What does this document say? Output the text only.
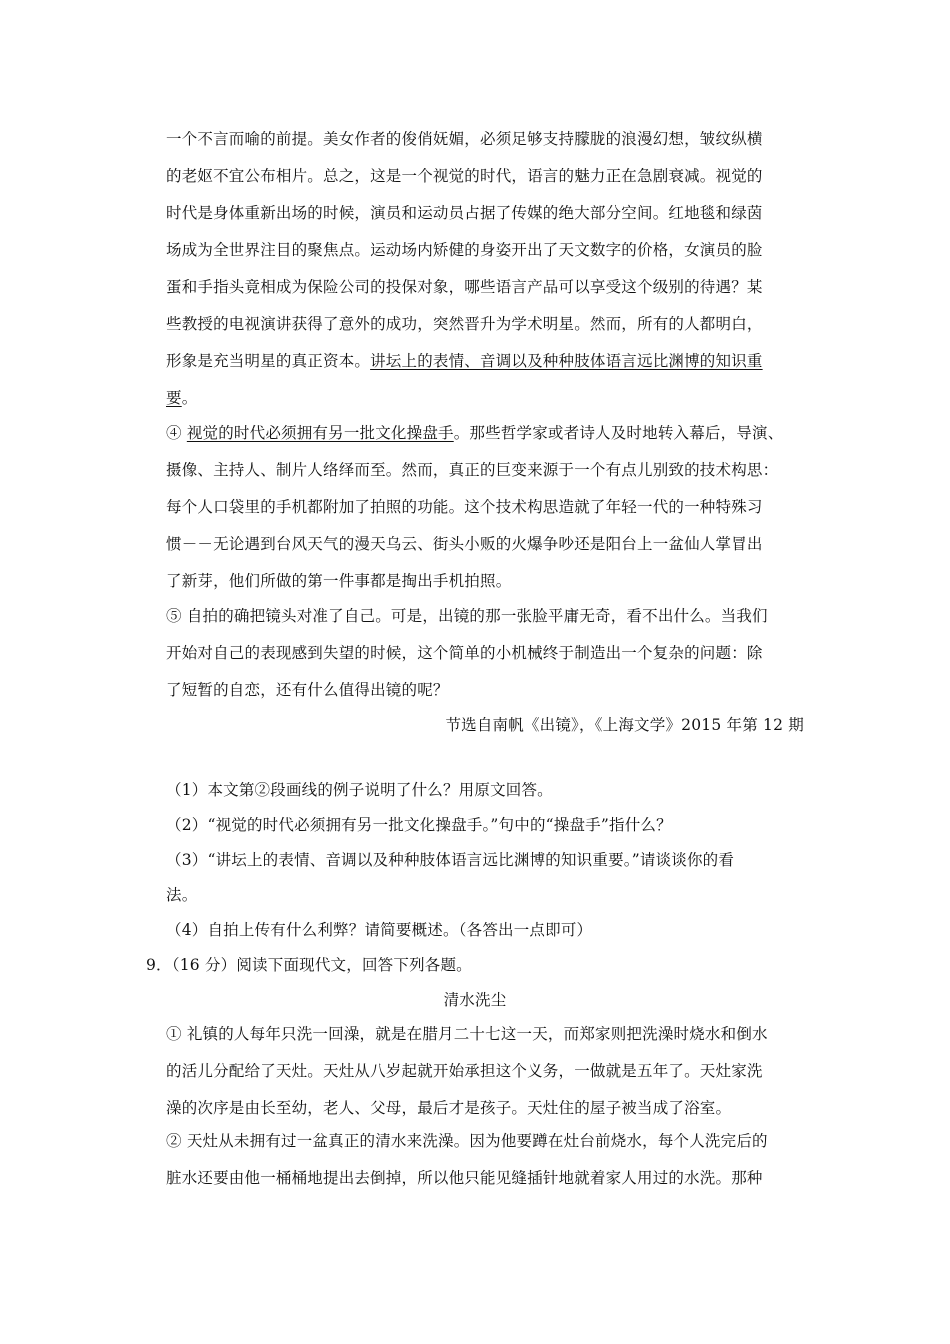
一个不言而喻的前提。美女作者的俊俏妩媚，必须足够支持朦胧的浪漫幻想，皱纹纵横
的老妪不宜公布相片。总之，这是一个视觉的时代，语言的魅力正在急剧衰减。视觉的
时代是身体重新出场的时候，演员和运动员占据了传媒的绝大部分空间。红地毯和绿茵
场成为全世界注目的聚焦点。运动场内矫健的身姿开出了天文数字的价格，女演员的脸
蛋和手指头竟相成为保险公司的投保对象，哪些语言产品可以享受这个级别的待遇？某
些教授的电视演讲获得了意外的成功，突然晋升为学术明星。然而，所有的人都明白，
形象是充当明星的真正资本。讲坛上的表情、音调以及种种肢体语言远比渊博的知识重
要。
④ 视觉的时代必须拥有另一批文化操盘手。那些哲学家或者诗人及时地转入幕后，导演、
摄像、主持人、制片人络绎而至。然而，真正的巨变来源于一个有点儿别致的技术构思：
每个人口袋里的手机都附加了拍照的功能。这个技术构思造就了年轻一代的一种特殊习
惯－－无论遇到台风天气的漫天乌云、街头小贩的火爆争吵还是阳台上一盆仙人掌冒出
了新芽，他们所做的第一件事都是掏出手机拍照。
⑤ 自拍的确把镜头对准了自己。可是，出镜的那一张脸平庸无奇，看不出什么。当我们
开始对自己的表现感到失望的时候，这个简单的小机械终于制造出一个复杂的问题：除
了短暂的自恋，还有什么值得出镜的呢？
节选自南帆《出镜》，《上海文学》2015 年第 12 期
（1）本文第②段画线的例子说明了什么？用原文回答。
（2）“视觉的时代必须拥有另一批文化操盘手。”句中的“操盘手”指什么？
（3）“讲坛上的表情、音调以及种种肢体语言远比渊博的知识重要。”请谈谈你的看
法。
（4）自拍上传有什么利弊？请简要概述。（各答出一点即可）
9．（16 分）阅读下面现代文，回答下列各题。
清水洗尘
① 礼镇的人每年只洗一回澡，就是在腊月二十七这一天，而郑家则把洗澡时烧水和倒水
的活儿分配给了天灶。天灶从八岁起就开始承担这个义务，一做就是五年了。天灶家洗
澡的次序是由长至幼，老人、父母，最后才是孩子。天灶住的屋子被当成了浴室。
② 天灶从未拥有过一盆真正的清水来洗澡。因为他要蹲在灶台前烧水，每个人洗完后的
脏水还要由他一桶桶地提出去倒掉，所以他只能见缝插针地就着家人用过的水洗。那种
